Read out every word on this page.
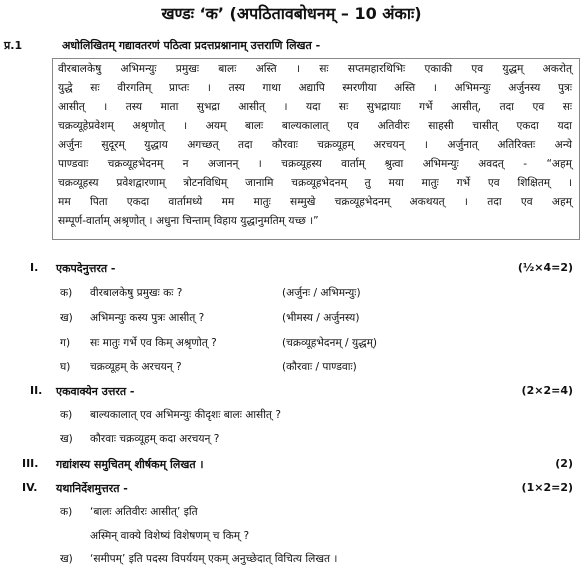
खण्डः ‘क’ (अपठितावबोधनम् – 10 अंकाः)
प्र.1	अधोलिखितम् गद्यावतरणं पठित्वा प्रदत्तप्रश्नानाम् उत्तराणि लिखत -
वीरबालकेषु अभिमन्युः प्रमुखः बालः अस्ति । सः सप्तमहारथिभिः एकाकी एव युद्धम् अकरोत्
युद्धे सः वीरगतिम् प्राप्तः । तस्य गाथा अद्यापि स्मरणीया अस्ति । अभिमन्युः अर्जुनस्य पुत्रः
आसीत् । तस्य माता सुभद्रा आसीत् । यदा सः सुभद्रायाः गर्भे आसीत्, तदा एव सः
चक्रव्यूहेप्रवेशम् अश्रृणोत् । अयम् बालः बाल्यकालात् एव अतिवीरः साहसी चासीत् एकदा यदा
अर्जुनः सुदूरम् युद्धाय अगच्छत् तदा कौरवाः चक्रव्यूहम् अरचयन् । अर्जुनात् अतिरिक्तः अन्ये
पाण्डवाः चक्रव्यूहभेदनम् न अजानन् । चक्रव्यूहस्य वार्ताम् श्रुत्वा अभिमन्युः अवदत् - “अहम्
चक्रव्यूहस्य प्रवेशद्वारणाम् त्रोटनविधिम् जानामि चक्रव्यूहभेदनम् तु मया मातुः गर्भे एव शिक्षितम् ।
मम पिता एकदा वार्तामध्ये मम मातुः सम्मुखे चक्रव्यूहभेदनम् अकथयत् । तदा एव अहम्
सम्पूर्ण-वार्ताम् अश्रृणोत् । अधुना चिन्ताम् विहाय युद्धानुमतिम् यच्छ ।”
I. एकपदेनुत्तरत -	(½×4=2)
क) वीरबालकेषु प्रमुखः कः ?	(अर्जुनः / अभिमन्युः)
ख) अभिमन्युः कस्य पुत्रः आसीत् ?	(भीमस्य / अर्जुनस्य)
ग) सः मातुः गर्भे एव किम् अश्रृणोत् ?	(चक्रव्यूहभेदनम् / युद्धम्)
घ) चक्रव्यूहम् के अरचयन् ?	(कौरवाः / पाण्डवाः)
II. एकवाक्येन उत्तरत -	(2×2=4)
क) बाल्यकालात् एव अभिमन्युः कीदृशः बालः आसीत् ?
ख) कौरवाः चक्रव्यूहम् कदा अरचयन् ?
III. गद्यांशस्य समुचितम् शीर्षकम् लिखत ।	(2)
IV. यथानिर्देशमुत्तरत -	(1×2=2)
क) ‘बालः अतिवीरः आसीत्’ इति
अस्मिन् वाक्ये विशेष्यं विशेषणम् च किम् ?
ख) ‘समीपम्’ इति पदस्य विपर्ययम् एकम् अनुच्छेदात् विचित्य लिखत ।
